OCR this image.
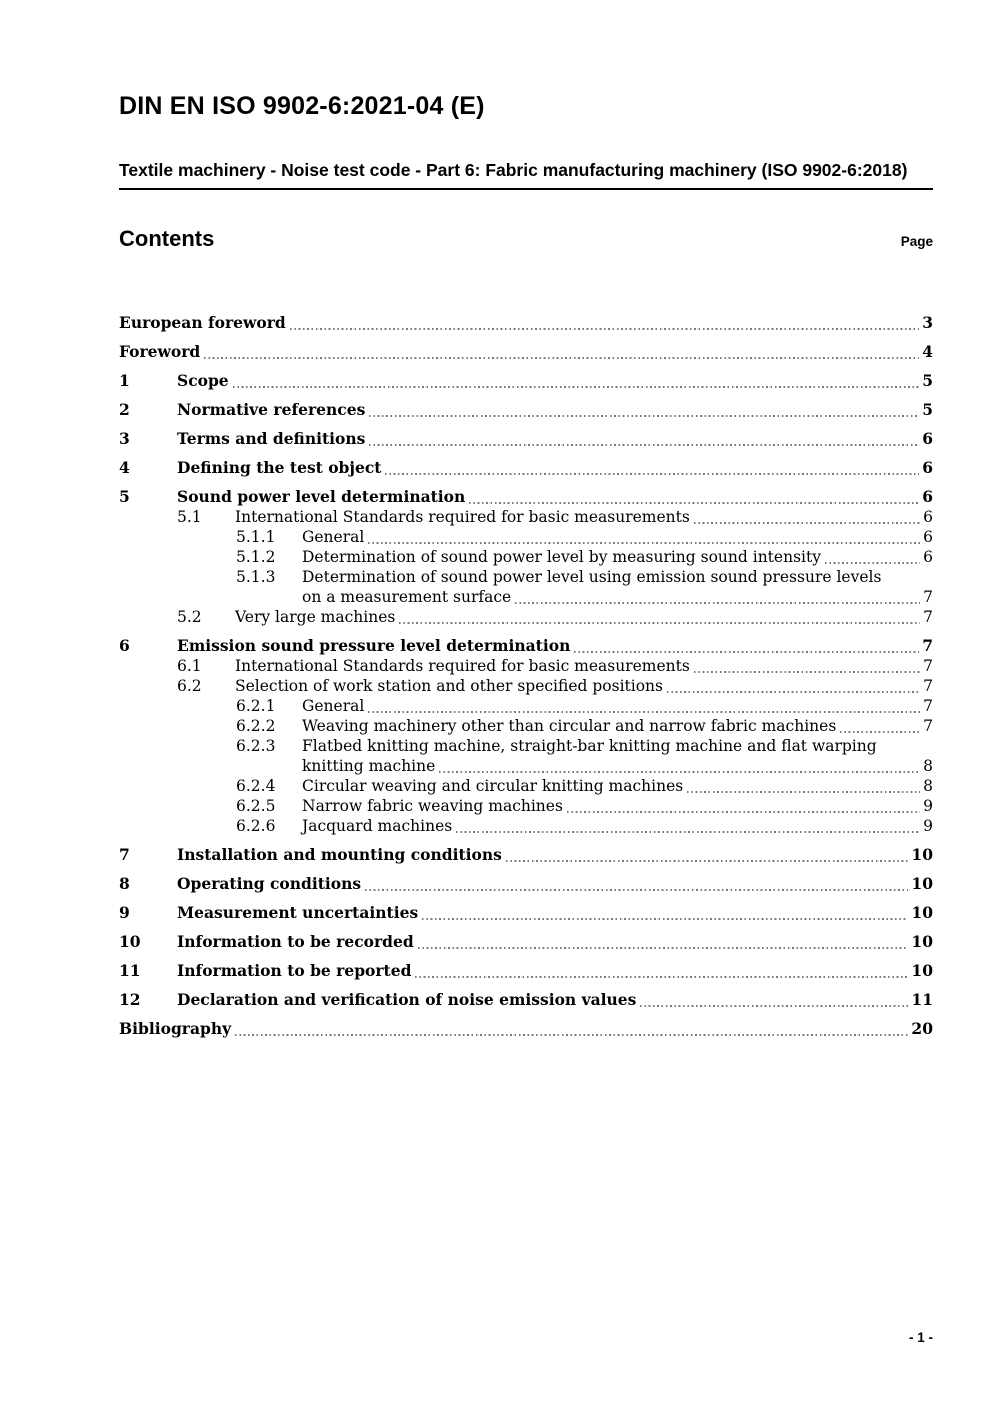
DIN EN ISO 9902-6:2021-04 (E)
Textile machinery - Noise test code - Part 6: Fabric manufacturing machinery (ISO 9902-6:2018)
Contents	Page
European foreword	3
Foreword	4
1	Scope	5
2	Normative references	5
3	Terms and definitions	6
4	Defining the test object	6
5	Sound power level determination	6
5.1	International Standards required for basic measurements	6
5.1.1	General	6
5.1.2	Determination of sound power level by measuring sound intensity	6
5.1.3	Determination of sound power level using emission sound pressure levels
on a measurement surface	7
5.2	Very large machines	7
6	Emission sound pressure level determination	7
6.1	International Standards required for basic measurements	7
6.2	Selection of work station and other specified positions	7
6.2.1	General	7
6.2.2	Weaving machinery other than circular and narrow fabric machines	7
6.2.3	Flatbed knitting machine, straight-bar knitting machine and flat warping
knitting machine	8
6.2.4	Circular weaving and circular knitting machines	8
6.2.5	Narrow fabric weaving machines	9
6.2.6	Jacquard machines	9
7	Installation and mounting conditions	10
8	Operating conditions	10
9	Measurement uncertainties	10
10	Information to be recorded	10
11	Information to be reported	10
12	Declaration and verification of noise emission values	11
Bibliography	20
- 1 -
